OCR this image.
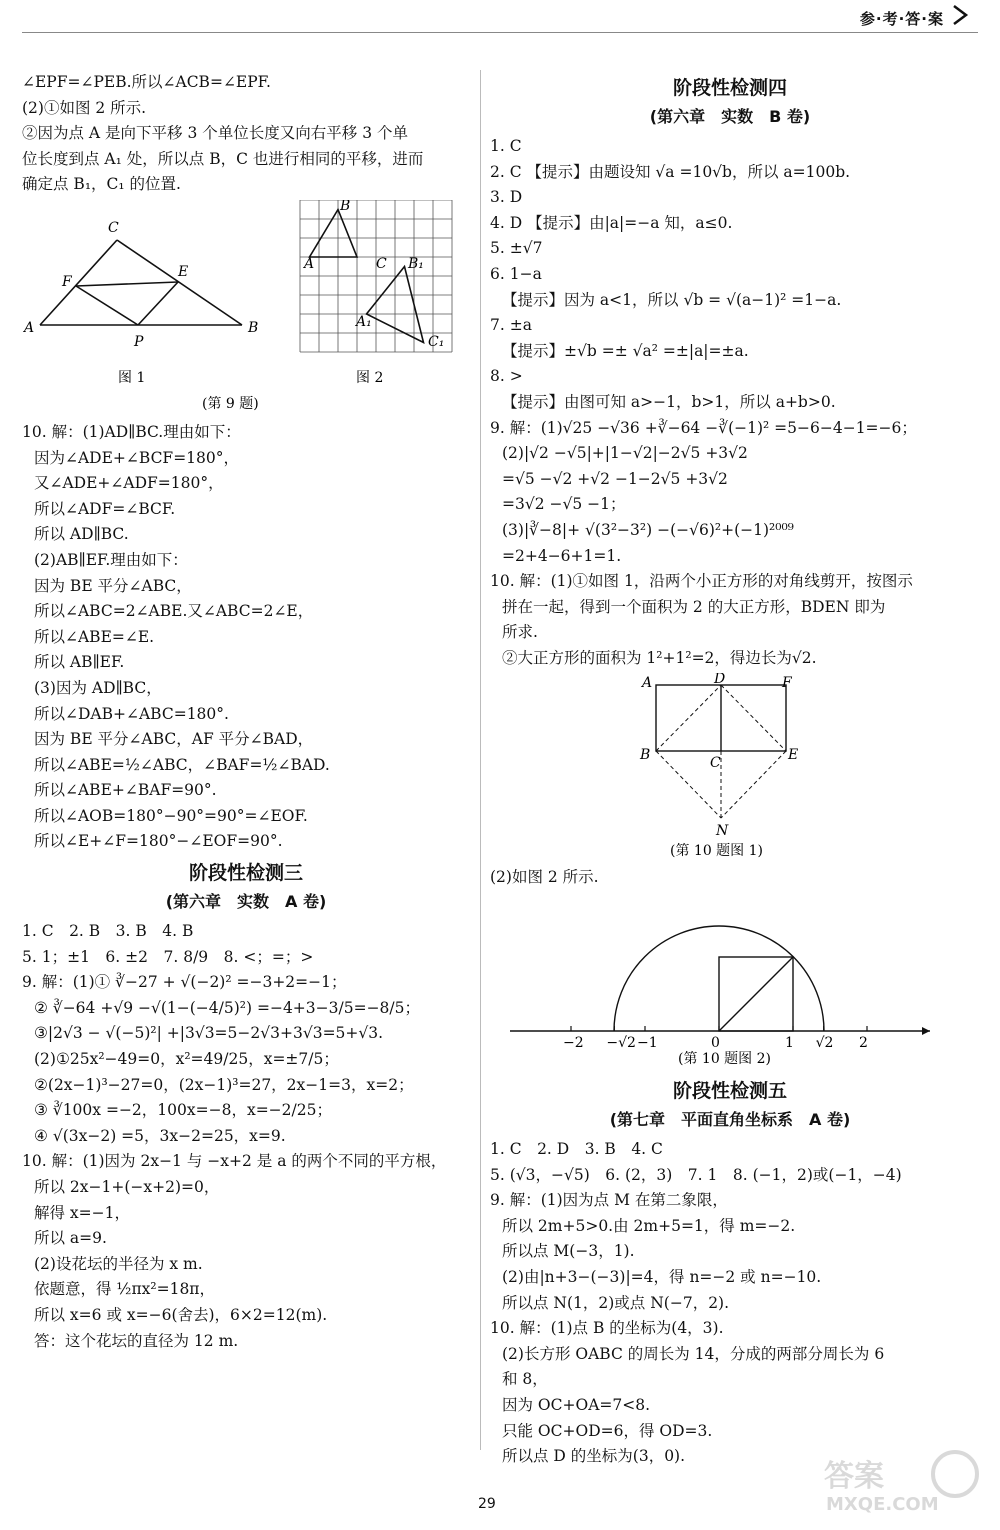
参·考·答·案

∠EPF=∠PEB.所以∠ACB=∠EPF.

(2)①如图 2 所示.

②因为点 A 是向下平移 3 个单位长度又向右平移 3 个单

位长度到点 A₁ 处，所以点 B，C 也进行相同的平移，进而

确定点 B₁，C₁ 的位置.

C
F
E
A
P
B
图 1
B
A	C B₁
A₁
C₁
图 2
(第 9 题)

10. 解：(1)AD∥BC.理由如下：

因为∠ADE+∠BCF=180°，

又∠ADE+∠ADF=180°，

所以∠ADF=∠BCF.

所以 AD∥BC.

(2)AB∥EF.理由如下：

因为 BE 平分∠ABC，

所以∠ABC=2∠ABE.又∠ABC=2∠E，

所以∠ABE=∠E.

所以 AB∥EF.

(3)因为 AD∥BC，

所以∠DAB+∠ABC=180°.

因为 BE 平分∠ABC，AF 平分∠BAD，

所以∠ABE=½∠ABC，∠BAF=½∠BAD.

所以∠ABE+∠BAF=90°.

所以∠AOB=180°−90°=90°=∠EOF.

所以∠E+∠F=180°−∠EOF=90°.

阶段性检测三
(第六章　实数　A 卷)

1. C　2. B　3. B　4. B

5. 1；±1　6. ±2　7. 8/9　8. <；=；>

9. 解：(1)① ∛−27 + √(−2)² =−3+2=−1；

② ∛−64 +√9 −√(1−(−4/5)²) =−4+3−3/5=−8/5；

③|2√3 − √(−5)²| +|3√3=5−2√3+3√3=5+√3.

(2)①25x²−49=0，x²=49/25，x=±7/5；

②(2x−1)³−27=0，(2x−1)³=27，2x−1=3，x=2；

③ ∛100x =−2，100x=−8，x=−2/25；

④ √(3x−2) =5，3x−2=25，x=9.

10. 解：(1)因为 2x−1 与 −x+2 是 a 的两个不同的平方根，

所以 2x−1+(−x+2)=0，

解得 x=−1，

所以 a=9.

(2)设花坛的半径为 x m.

依题意，得 ½πx²=18π，

所以 x=6 或 x=−6(舍去)，6×2=12(m).

答：这个花坛的直径为 12 m.

阶段性检测四
(第六章　实数　B 卷)

1. C

2. C 【提示】由题设知 √a =10√b，所以 a=100b.

3. D

4. D 【提示】由|a|=−a 知，a≤0.

5. ±√7

6. 1−a

【提示】因为 a<1，所以 √b = √(a−1)² =1−a.

7. ±a

【提示】±√b =± √a² =±|a|=±a.

8. >

【提示】由图可知 a>−1，b>1，所以 a+b>0.

9. 解：(1)√25 −√36 +∛−64 −∛(−1)² =5−6−4−1=−6；

(2)|√2 −√5|+|1−√2|−2√5 +3√2

=√5 −√2 +√2 −1−2√5 +3√2

=3√2 −√5 −1；

(3)|∛−8|+ √(3²−3²) −(−√6)²+(−1)²⁰⁰⁹

=2+4−6+1=1.

10. 解：(1)①如图 1，沿两个小正方形的对角线剪开，按图示

拼在一起，得到一个面积为 2 的大正方形，BDEN 即为

所求.

②大正方形的面积为 1²+1²=2，得边长为√2.

A	D	F
B	C	E
N
(第 10 题图 1)

(2)如图 2 所示.

−2 −√2 −1	0	1 √2 2
(第 10 题图 2)
阶段性检测五
(第七章　平面直角坐标系　A 卷)

1. C　2. D　3. B　4. C

5. (√3，−√5)　6. (2，3)　7. 1　8. (−1，2)或(−1，−4)

9. 解：(1)因为点 M 在第二象限，

所以 2m+5>0.由 2m+5=1，得 m=−2.

所以点 M(−3，1).

(2)由|n+3−(−3)|=4，得 n=−2 或 n=−10.

所以点 N(1，2)或点 N(−7，2).

10. 解：(1)点 B 的坐标为(4，3).

(2)长方形 OABC 的周长为 14，分成的两部分周长为 6

和 8，

因为 OC+OA=7<8.

只能 OC+OD=6，得 OD=3.

所以点 D 的坐标为(3，0).

29
答案
MXQE.COM
